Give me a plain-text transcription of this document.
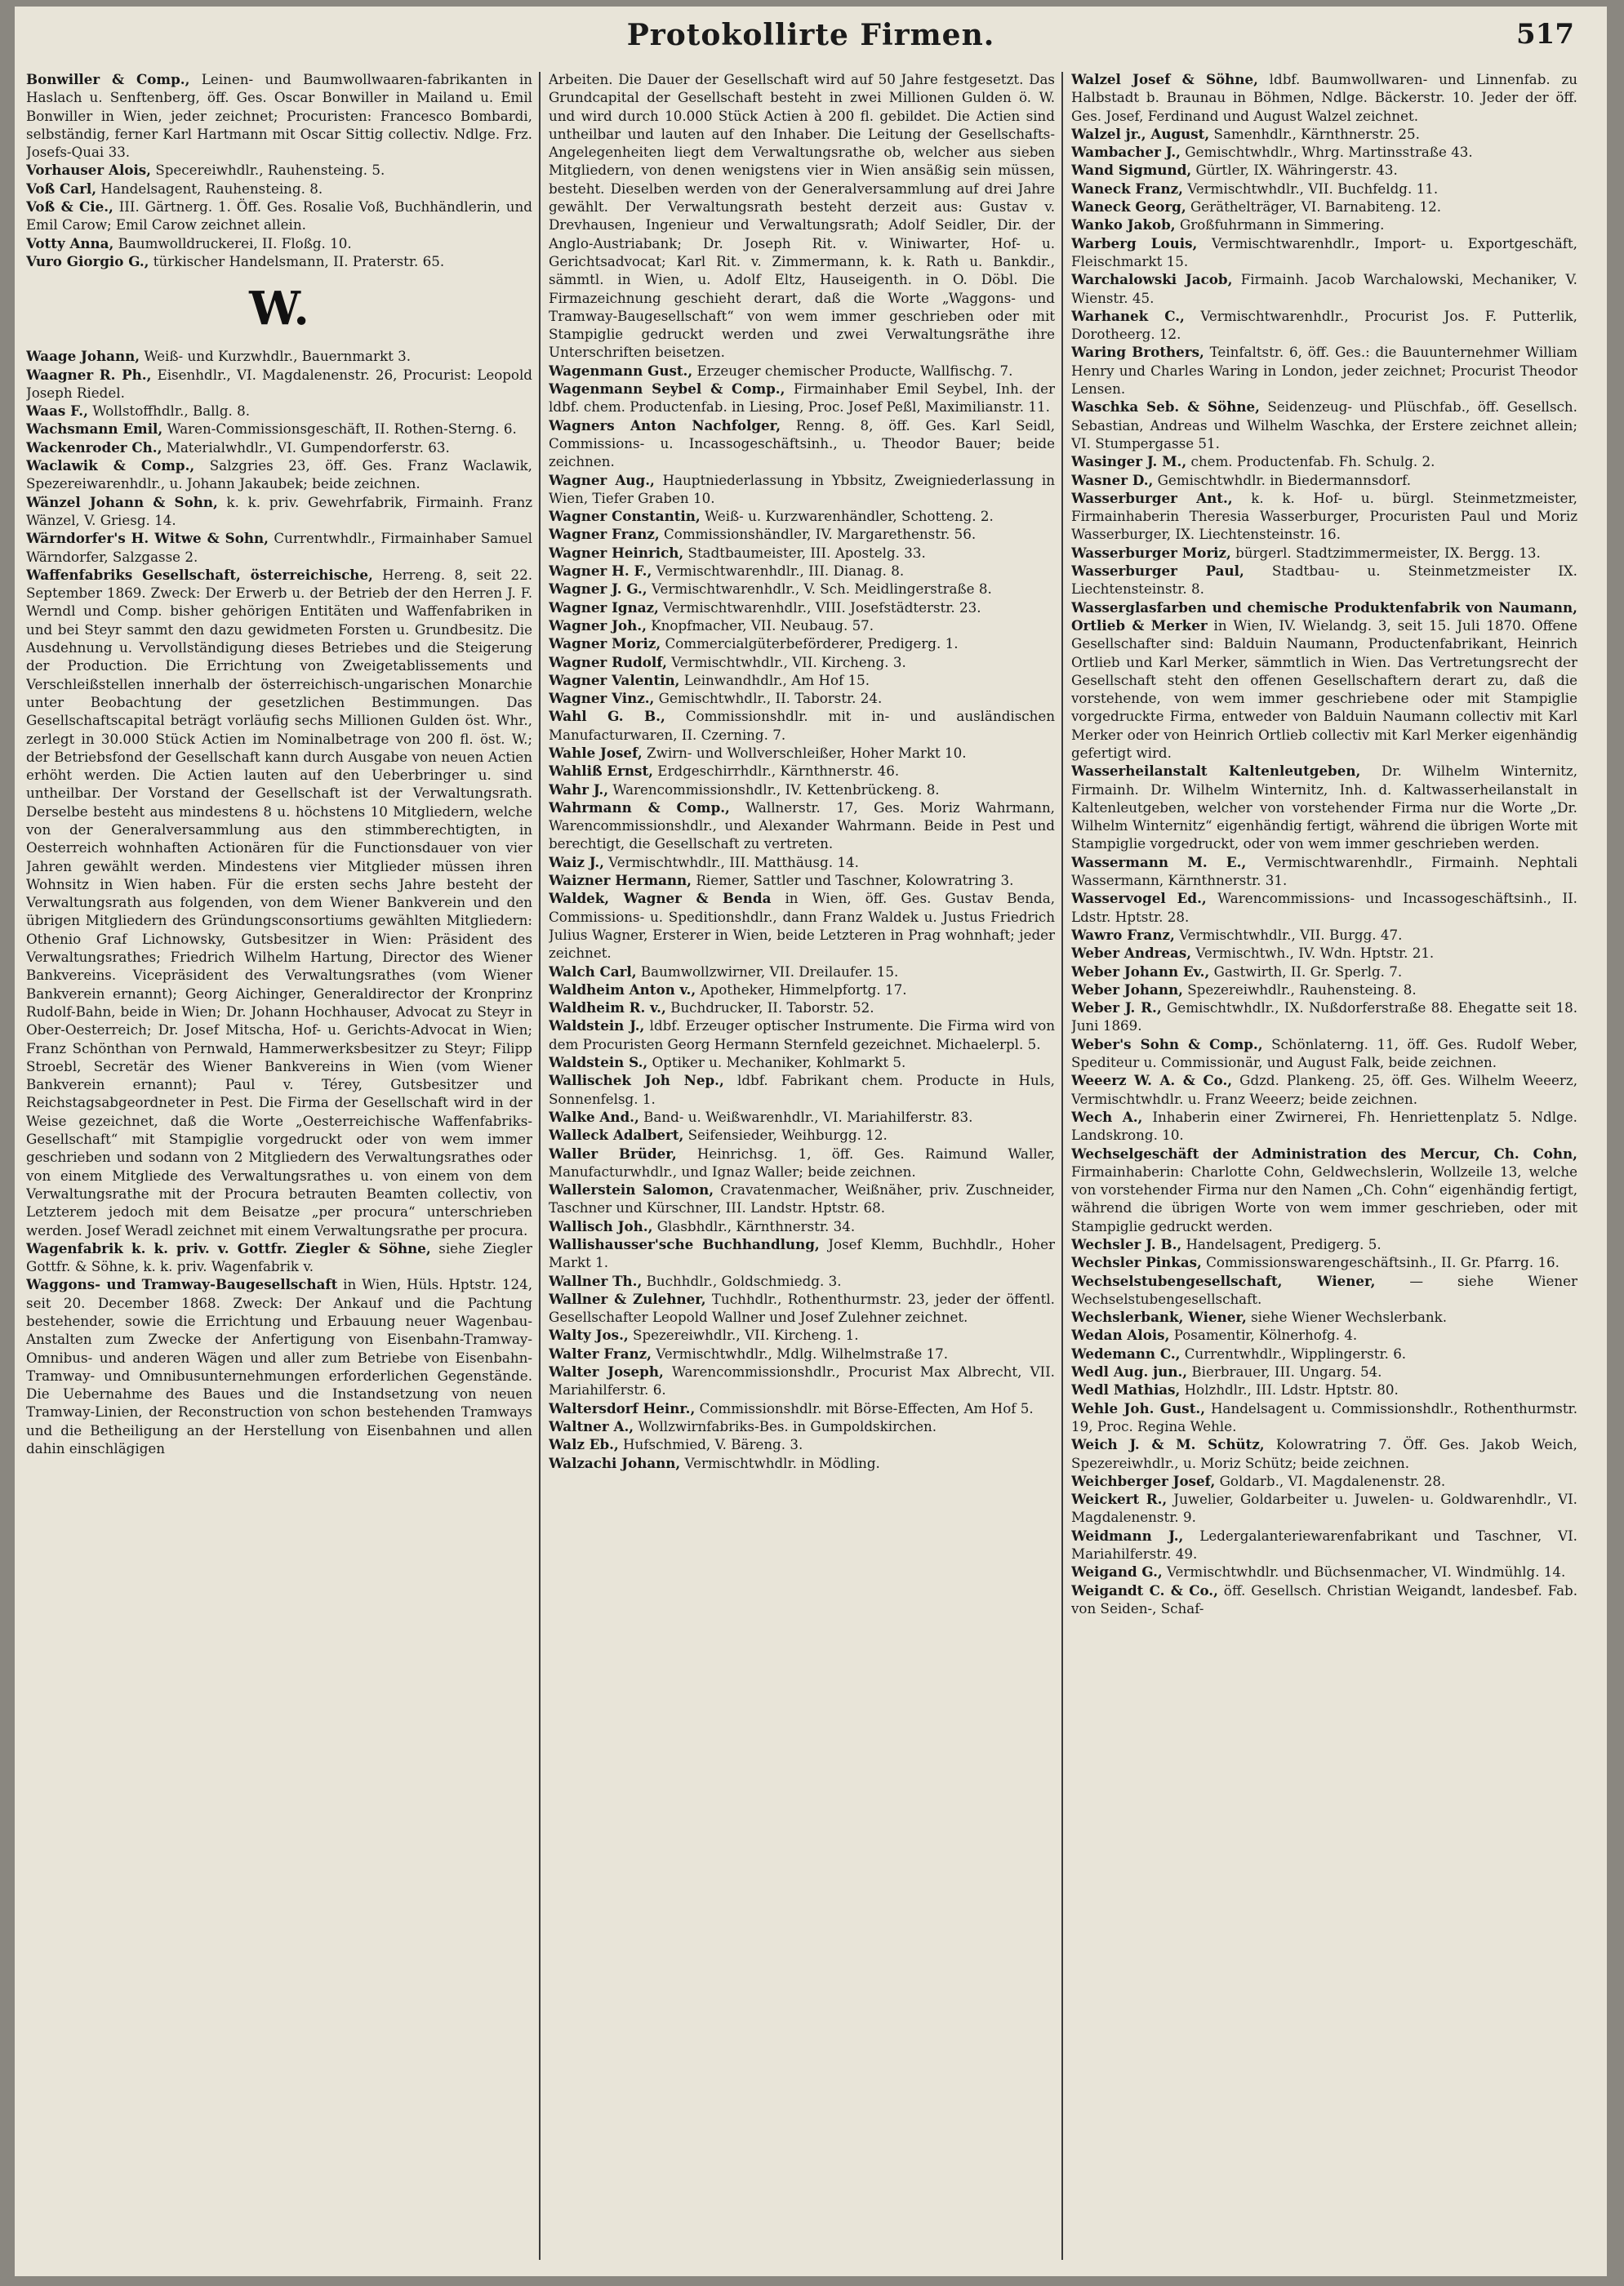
Protokollirte Firmen.	517

Bonwiller & Comp., Leinen- und Baumwollwaaren-fabrikanten in Haslach u. Senftenberg, öff. Ges. Oscar Bonwiller in Mailand u. Emil Bonwiller in Wien, jeder zeichnet; Procuristen: Francesco Bombardi, selbständig, ferner Karl Hartmann mit Oscar Sittig collectiv. Ndlge. Frz. Josefs-Quai 33.

Vorhauser Alois, Specereiwhdlr., Rauhensteing. 5.

Voß Carl, Handelsagent, Rauhensteing. 8.

Voß & Cie., III. Gärtnerg. 1. Öff. Ges. Rosalie Voß, Buchhändlerin, und Emil Carow; Emil Carow zeichnet allein.

Votty Anna, Baumwolldruckerei, II. Floßg. 10.

Vuro Giorgio G., türkischer Handelsmann, II. Praterstr. 65.

W.

Waage Johann, Weiß- und Kurzwhdlr., Bauernmarkt 3.

Waagner R. Ph., Eisenhdlr., VI. Magdalenenstr. 26, Procurist: Leopold Joseph Riedel.

Waas F., Wollstoffhdlr., Ballg. 8.

Wachsmann Emil, Waren-Commissionsgeschäft, II. Rothen-Sterng. 6.

Wackenroder Ch., Materialwhdlr., VI. Gumpendorferstr. 63.

Waclawik & Comp., Salzgries 23, öff. Ges. Franz Waclawik, Spezereiwarenhdlr., u. Johann Jakaubek; beide zeichnen.

Wänzel Johann & Sohn, k. k. priv. Gewehrfabrik, Firmainh. Franz Wänzel, V. Griesg. 14.

Wärndorfer's H. Witwe & Sohn, Currentwhdlr., Firmainhaber Samuel Wärndorfer, Salzgasse 2.

Waffenfabriks Gesellschaft, österreichische, Herreng. 8, seit 22. September 1869. Zweck: Der Erwerb u. der Betrieb der den Herren J. F. Werndl und Comp. bisher gehörigen Entitäten und Waffenfabriken in und bei Steyr sammt den dazu gewidmeten Forsten u. Grundbesitz. Die Ausdehnung u. Vervollständigung dieses Betriebes und die Steigerung der Production. Die Errichtung von Zweigetablissements und Verschleißstellen innerhalb der österreichisch-ungarischen Monarchie unter Beobachtung der gesetzlichen Bestimmungen. Das Gesellschaftscapital beträgt vorläufig sechs Millionen Gulden öst. Whr., zerlegt in 30.000 Stück Actien im Nominalbetrage von 200 fl. öst. W.; der Betriebsfond der Gesellschaft kann durch Ausgabe von neuen Actien erhöht werden. Die Actien lauten auf den Ueberbringer u. sind untheilbar. Der Vorstand der Gesellschaft ist der Verwaltungsrath. Derselbe besteht aus mindestens 8 u. höchstens 10 Mitgliedern, welche von der Generalversammlung aus den stimmberechtigten, in Oesterreich wohnhaften Actionären für die Functionsdauer von vier Jahren gewählt werden. Mindestens vier Mitglieder müssen ihren Wohnsitz in Wien haben. Für die ersten sechs Jahre besteht der Verwaltungsrath aus folgenden, von dem Wiener Bankverein und den übrigen Mitgliedern des Gründungsconsortiums gewählten Mitgliedern: Othenio Graf Lichnowsky, Gutsbesitzer in Wien: Präsident des Verwaltungsrathes; Friedrich Wilhelm Hartung, Director des Wiener Bankvereins. Vicepräsident des Verwaltungsrathes (vom Wiener Bankverein ernannt); Georg Aichinger, Generaldirector der Kronprinz Rudolf-Bahn, beide in Wien; Dr. Johann Hochhauser, Advocat zu Steyr in Ober-Oesterreich; Dr. Josef Mitscha, Hof- u. Gerichts-Advocat in Wien; Franz Schönthan von Pernwald, Hammerwerksbesitzer zu Steyr; Filipp Stroebl, Secretär des Wiener Bankvereins in Wien (vom Wiener Bankverein ernannt); Paul v. Térey, Gutsbesitzer und Reichstagsabgeordneter in Pest. Die Firma der Gesellschaft wird in der Weise gezeichnet, daß die Worte „Oesterreichische Waffenfabriks-Gesellschaft“ mit Stampiglie vorgedruckt oder von wem immer geschrieben und sodann von 2 Mitgliedern des Verwaltungsrathes oder von einem Mitgliede des Verwaltungsrathes u. von einem von dem Verwaltungsrathe mit der Procura betrauten Beamten collectiv, von Letzterem jedoch mit dem Beisatze „per procura“ unterschrieben werden. Josef Weradl zeichnet mit einem Verwaltungsrathe per procura.

Wagenfabrik k. k. priv. v. Gottfr. Ziegler & Söhne, siehe Ziegler Gottfr. & Söhne, k. k. priv. Wagenfabrik v.

Waggons- und Tramway-Baugesellschaft in Wien, Hüls. Hptstr. 124, seit 20. December 1868. Zweck: Der Ankauf und die Pachtung bestehender, sowie die Errichtung und Erbauung neuer Wagenbau-Anstalten zum Zwecke der Anfertigung von Eisenbahn-Tramway-Omnibus- und anderen Wägen und aller zum Betriebe von Eisenbahn-Tramway- und Omnibusunternehmungen erforderlichen Gegenstände. Die Uebernahme des Baues und die Instandsetzung von neuen Tramway-Linien, der Reconstruction von schon bestehenden Tramways und die Betheiligung an der Herstellung von Eisenbahnen und allen dahin einschlägigen

Arbeiten. Die Dauer der Gesellschaft wird auf 50 Jahre festgesetzt. Das Grundcapital der Gesellschaft besteht in zwei Millionen Gulden ö. W. und wird durch 10.000 Stück Actien à 200 fl. gebildet. Die Actien sind untheilbar und lauten auf den Inhaber. Die Leitung der Gesellschafts-Angelegenheiten liegt dem Verwaltungsrathe ob, welcher aus sieben Mitgliedern, von denen wenigstens vier in Wien ansäßig sein müssen, besteht. Dieselben werden von der Generalversammlung auf drei Jahre gewählt. Der Verwaltungsrath besteht derzeit aus: Gustav v. Drevhausen, Ingenieur und Verwaltungsrath; Adolf Seidler, Dir. der Anglo-Austriabank; Dr. Joseph Rit. v. Winiwarter, Hof- u. Gerichtsadvocat; Karl Rit. v. Zimmermann, k. k. Rath u. Bankdir., sämmtl. in Wien, u. Adolf Eltz, Hauseigenth. in O. Döbl. Die Firmazeichnung geschieht derart, daß die Worte „Waggons- und Tramway-Baugesellschaft“ von wem immer geschrieben oder mit Stampiglie gedruckt werden und zwei Verwaltungsräthe ihre Unterschriften beisetzen.

Wagenmann Gust., Erzeuger chemischer Producte, Wallfischg. 7.

Wagenmann Seybel & Comp., Firmainhaber Emil Seybel, Inh. der ldbf. chem. Productenfab. in Liesing, Proc. Josef Peßl, Maximilianstr. 11.

Wagners Anton Nachfolger, Renng. 8, öff. Ges. Karl Seidl, Commissions- u. Incassogeschäftsinh., u. Theodor Bauer; beide zeichnen.

Wagner Aug., Hauptniederlassung in Ybbsitz, Zweigniederlassung in Wien, Tiefer Graben 10.

Wagner Constantin, Weiß- u. Kurzwarenhändler, Schotteng. 2.

Wagner Franz, Commissionshändler, IV. Margarethenstr. 56.

Wagner Heinrich, Stadtbaumeister, III. Apostelg. 33.

Wagner H. F., Vermischtwarenhdlr., III. Dianag. 8.

Wagner J. G., Vermischtwarenhdlr., V. Sch. Meidlingerstraße 8.

Wagner Ignaz, Vermischtwarenhdlr., VIII. Josefstädterstr. 23.

Wagner Joh., Knopfmacher, VII. Neubaug. 57.

Wagner Moriz, Commercialgüterbeförderer, Predigerg. 1.

Wagner Rudolf, Vermischtwhdlr., VII. Kircheng. 3.

Wagner Valentin, Leinwandhdlr., Am Hof 15.

Wagner Vinz., Gemischtwhdlr., II. Taborstr. 24.

Wahl G. B., Commissionshdlr. mit in- und ausländischen Manufacturwaren, II. Czerning. 7.

Wahle Josef, Zwirn- und Wollverschleißer, Hoher Markt 10.

Wahliß Ernst, Erdgeschirrhdlr., Kärnthnerstr. 46.

Wahr J., Warencommissionshdlr., IV. Kettenbrückeng. 8.

Wahrmann & Comp., Wallnerstr. 17, Ges. Moriz Wahrmann, Warencommissionshdlr., und Alexander Wahrmann. Beide in Pest und berechtigt, die Gesellschaft zu vertreten.

Waiz J., Vermischtwhdlr., III. Matthäusg. 14.

Waizner Hermann, Riemer, Sattler und Taschner, Kolowratring 3.

Waldek, Wagner & Benda in Wien, öff. Ges. Gustav Benda, Commissions- u. Speditionshdlr., dann Franz Waldek u. Justus Friedrich Julius Wagner, Ersterer in Wien, beide Letzteren in Prag wohnhaft; jeder zeichnet.

Walch Carl, Baumwollzwirner, VII. Dreilaufer. 15.

Waldheim Anton v., Apotheker, Himmelpfortg. 17.

Waldheim R. v., Buchdrucker, II. Taborstr. 52.

Waldstein J., ldbf. Erzeuger optischer Instrumente. Die Firma wird von dem Procuristen Georg Hermann Sternfeld gezeichnet. Michaelerpl. 5.

Waldstein S., Optiker u. Mechaniker, Kohlmarkt 5.

Wallischek Joh Nep., ldbf. Fabrikant chem. Producte in Huls, Sonnenfelsg. 1.

Walke And., Band- u. Weißwarenhdlr., VI. Mariahilferstr. 83.

Walleck Adalbert, Seifensieder, Weihburgg. 12.

Waller Brüder, Heinrichsg. 1, öff. Ges. Raimund Waller, Manufacturwhdlr., und Ignaz Waller; beide zeichnen.

Wallerstein Salomon, Cravatenmacher, Weißnäher, priv. Zuschneider, Taschner und Kürschner, III. Landstr. Hptstr. 68.

Wallisch Joh., Glasbhdlr., Kärnthnerstr. 34.

Wallishausser'sche Buchhandlung, Josef Klemm, Buchhdlr., Hoher Markt 1.

Wallner Th., Buchhdlr., Goldschmiedg. 3.

Wallner & Zulehner, Tuchhdlr., Rothenthurmstr. 23, jeder der öffentl. Gesellschafter Leopold Wallner und Josef Zulehner zeichnet.

Walty Jos., Spezereiwhdlr., VII. Kircheng. 1.

Walter Franz, Vermischtwhdlr., Mdlg. Wilhelmstraße 17.

Walter Joseph, Warencommissionshdlr., Procurist Max Albrecht, VII. Mariahilferstr. 6.

Waltersdorf Heinr., Commissionshdlr. mit Börse-Effecten, Am Hof 5.

Waltner A., Wollzwirnfabriks-Bes. in Gumpoldskirchen.

Walz Eb., Hufschmied, V. Bäreng. 3.

Walzachi Johann, Vermischtwhdlr. in Mödling.

Walzel Josef & Söhne, ldbf. Baumwollwaren- und Linnenfab. zu Halbstadt b. Braunau in Böhmen, Ndlge. Bäckerstr. 10. Jeder der öff. Ges. Josef, Ferdinand und August Walzel zeichnet.

Walzel jr., August, Samenhdlr., Kärnthnerstr. 25.

Wambacher J., Gemischtwhdlr., Whrg. Martinsstraße 43.

Wand Sigmund, Gürtler, IX. Währingerstr. 43.

Waneck Franz, Vermischtwhdlr., VII. Buchfeldg. 11.

Waneck Georg, Geräthelträger, VI. Barnabiteng. 12.

Wanko Jakob, Großfuhrmann in Simmering.

Warberg Louis, Vermischtwarenhdlr., Import- u. Exportgeschäft, Fleischmarkt 15.

Warchalowski Jacob, Firmainh. Jacob Warchalowski, Mechaniker, V. Wienstr. 45.

Warhanek C., Vermischtwarenhdlr., Procurist Jos. F. Putterlik, Dorotheerg. 12.

Waring Brothers, Teinfaltstr. 6, öff. Ges.: die Bauunternehmer William Henry und Charles Waring in London, jeder zeichnet; Procurist Theodor Lensen.

Waschka Seb. & Söhne, Seidenzeug- und Plüschfab., öff. Gesellsch. Sebastian, Andreas und Wilhelm Waschka, der Erstere zeichnet allein; VI. Stumpergasse 51.

Wasinger J. M., chem. Productenfab. Fh. Schulg. 2.

Wasner D., Gemischtwhdlr. in Biedermannsdorf.

Wasserburger Ant., k. k. Hof- u. bürgl. Steinmetzmeister, Firmainhaberin Theresia Wasserburger, Procuristen Paul und Moriz Wasserburger, IX. Liechtensteinstr. 16.

Wasserburger Moriz, bürgerl. Stadtzimmermeister, IX. Bergg. 13.

Wasserburger Paul, Stadtbau- u. Steinmetzmeister IX. Liechtensteinstr. 8.

Wasserglasfarben und chemische Produktenfabrik von Naumann, Ortlieb & Merker in Wien, IV. Wielandg. 3, seit 15. Juli 1870. Offene Gesellschafter sind: Balduin Naumann, Productenfabrikant, Heinrich Ortlieb und Karl Merker, sämmtlich in Wien. Das Vertretungsrecht der Gesellschaft steht den offenen Gesellschaftern derart zu, daß die vorstehende, von wem immer geschriebene oder mit Stampiglie vorgedruckte Firma, entweder von Balduin Naumann collectiv mit Karl Merker oder von Heinrich Ortlieb collectiv mit Karl Merker eigenhändig gefertigt wird.

Wasserheilanstalt Kaltenleutgeben, Dr. Wilhelm Winternitz, Firmainh. Dr. Wilhelm Winternitz, Inh. d. Kaltwasserheilanstalt in Kaltenleutgeben, welcher von vorstehender Firma nur die Worte „Dr. Wilhelm Winternitz“ eigenhändig fertigt, während die übrigen Worte mit Stampiglie vorgedruckt, oder von wem immer geschrieben werden.

Wassermann M. E., Vermischtwarenhdlr., Firmainh. Nephtali Wassermann, Kärnthnerstr. 31.

Wasservogel Ed., Warencommissions- und Incassogeschäftsinh., II. Ldstr. Hptstr. 28.

Wawro Franz, Vermischtwhdlr., VII. Burgg. 47.

Weber Andreas, Vermischtwh., IV. Wdn. Hptstr. 21.

Weber Johann Ev., Gastwirth, II. Gr. Sperlg. 7.

Weber Johann, Spezereiwhdlr., Rauhensteing. 8.

Weber J. R., Gemischtwhdlr., IX. Nußdorferstraße 88. Ehegatte seit 18. Juni 1869.

Weber's Sohn & Comp., Schönlaterng. 11, öff. Ges. Rudolf Weber, Spediteur u. Commissionär, und August Falk, beide zeichnen.

Weeerz W. A. & Co., Gdzd. Plankeng. 25, öff. Ges. Wilhelm Weeerz, Vermischtwhdlr. u. Franz Weeerz; beide zeichnen.

Wech A., Inhaberin einer Zwirnerei, Fh. Henriettenplatz 5. Ndlge. Landskrong. 10.

Wechselgeschäft der Administration des Mercur, Ch. Cohn, Firmainhaberin: Charlotte Cohn, Geldwechslerin, Wollzeile 13, welche von vorstehender Firma nur den Namen „Ch. Cohn“ eigenhändig fertigt, während die übrigen Worte von wem immer geschrieben, oder mit Stampiglie gedruckt werden.

Wechsler J. B., Handelsagent, Predigerg. 5.

Wechsler Pinkas, Commissionswarengeschäftsinh., II. Gr. Pfarrg. 16.

Wechselstubengesellschaft, Wiener,	— siehe Wiener Wechselstubengesellschaft.

Wechslerbank, Wiener, siehe Wiener Wechslerbank.

Wedan Alois, Posamentir, Kölnerhofg. 4.

Wedemann C., Currentwhdlr., Wipplingerstr. 6.

Wedl Aug. jun., Bierbrauer, III. Ungarg. 54.

Wedl Mathias, Holzhdlr., III. Ldstr. Hptstr. 80.

Wehle Joh. Gust., Handelsagent u. Commissionshdlr., Rothenthurmstr. 19, Proc. Regina Wehle.

Weich J. & M. Schütz, Kolowratring 7. Öff. Ges. Jakob Weich, Spezereiwhdlr., u. Moriz Schütz; beide zeichnen.

Weichberger Josef, Goldarb., VI. Magdalenenstr. 28.

Weickert R., Juwelier, Goldarbeiter u. Juwelen- u. Goldwarenhdlr., VI. Magdalenenstr. 9.

Weidmann J., Ledergalanteriewarenfabrikant und Taschner, VI. Mariahilferstr. 49.

Weigand G., Vermischtwhdlr. und Büchsenmacher, VI. Windmühlg. 14.

Weigandt C. & Co., öff. Gesellsch. Christian Weigandt, landesbef. Fab. von Seiden-, Schaf-
